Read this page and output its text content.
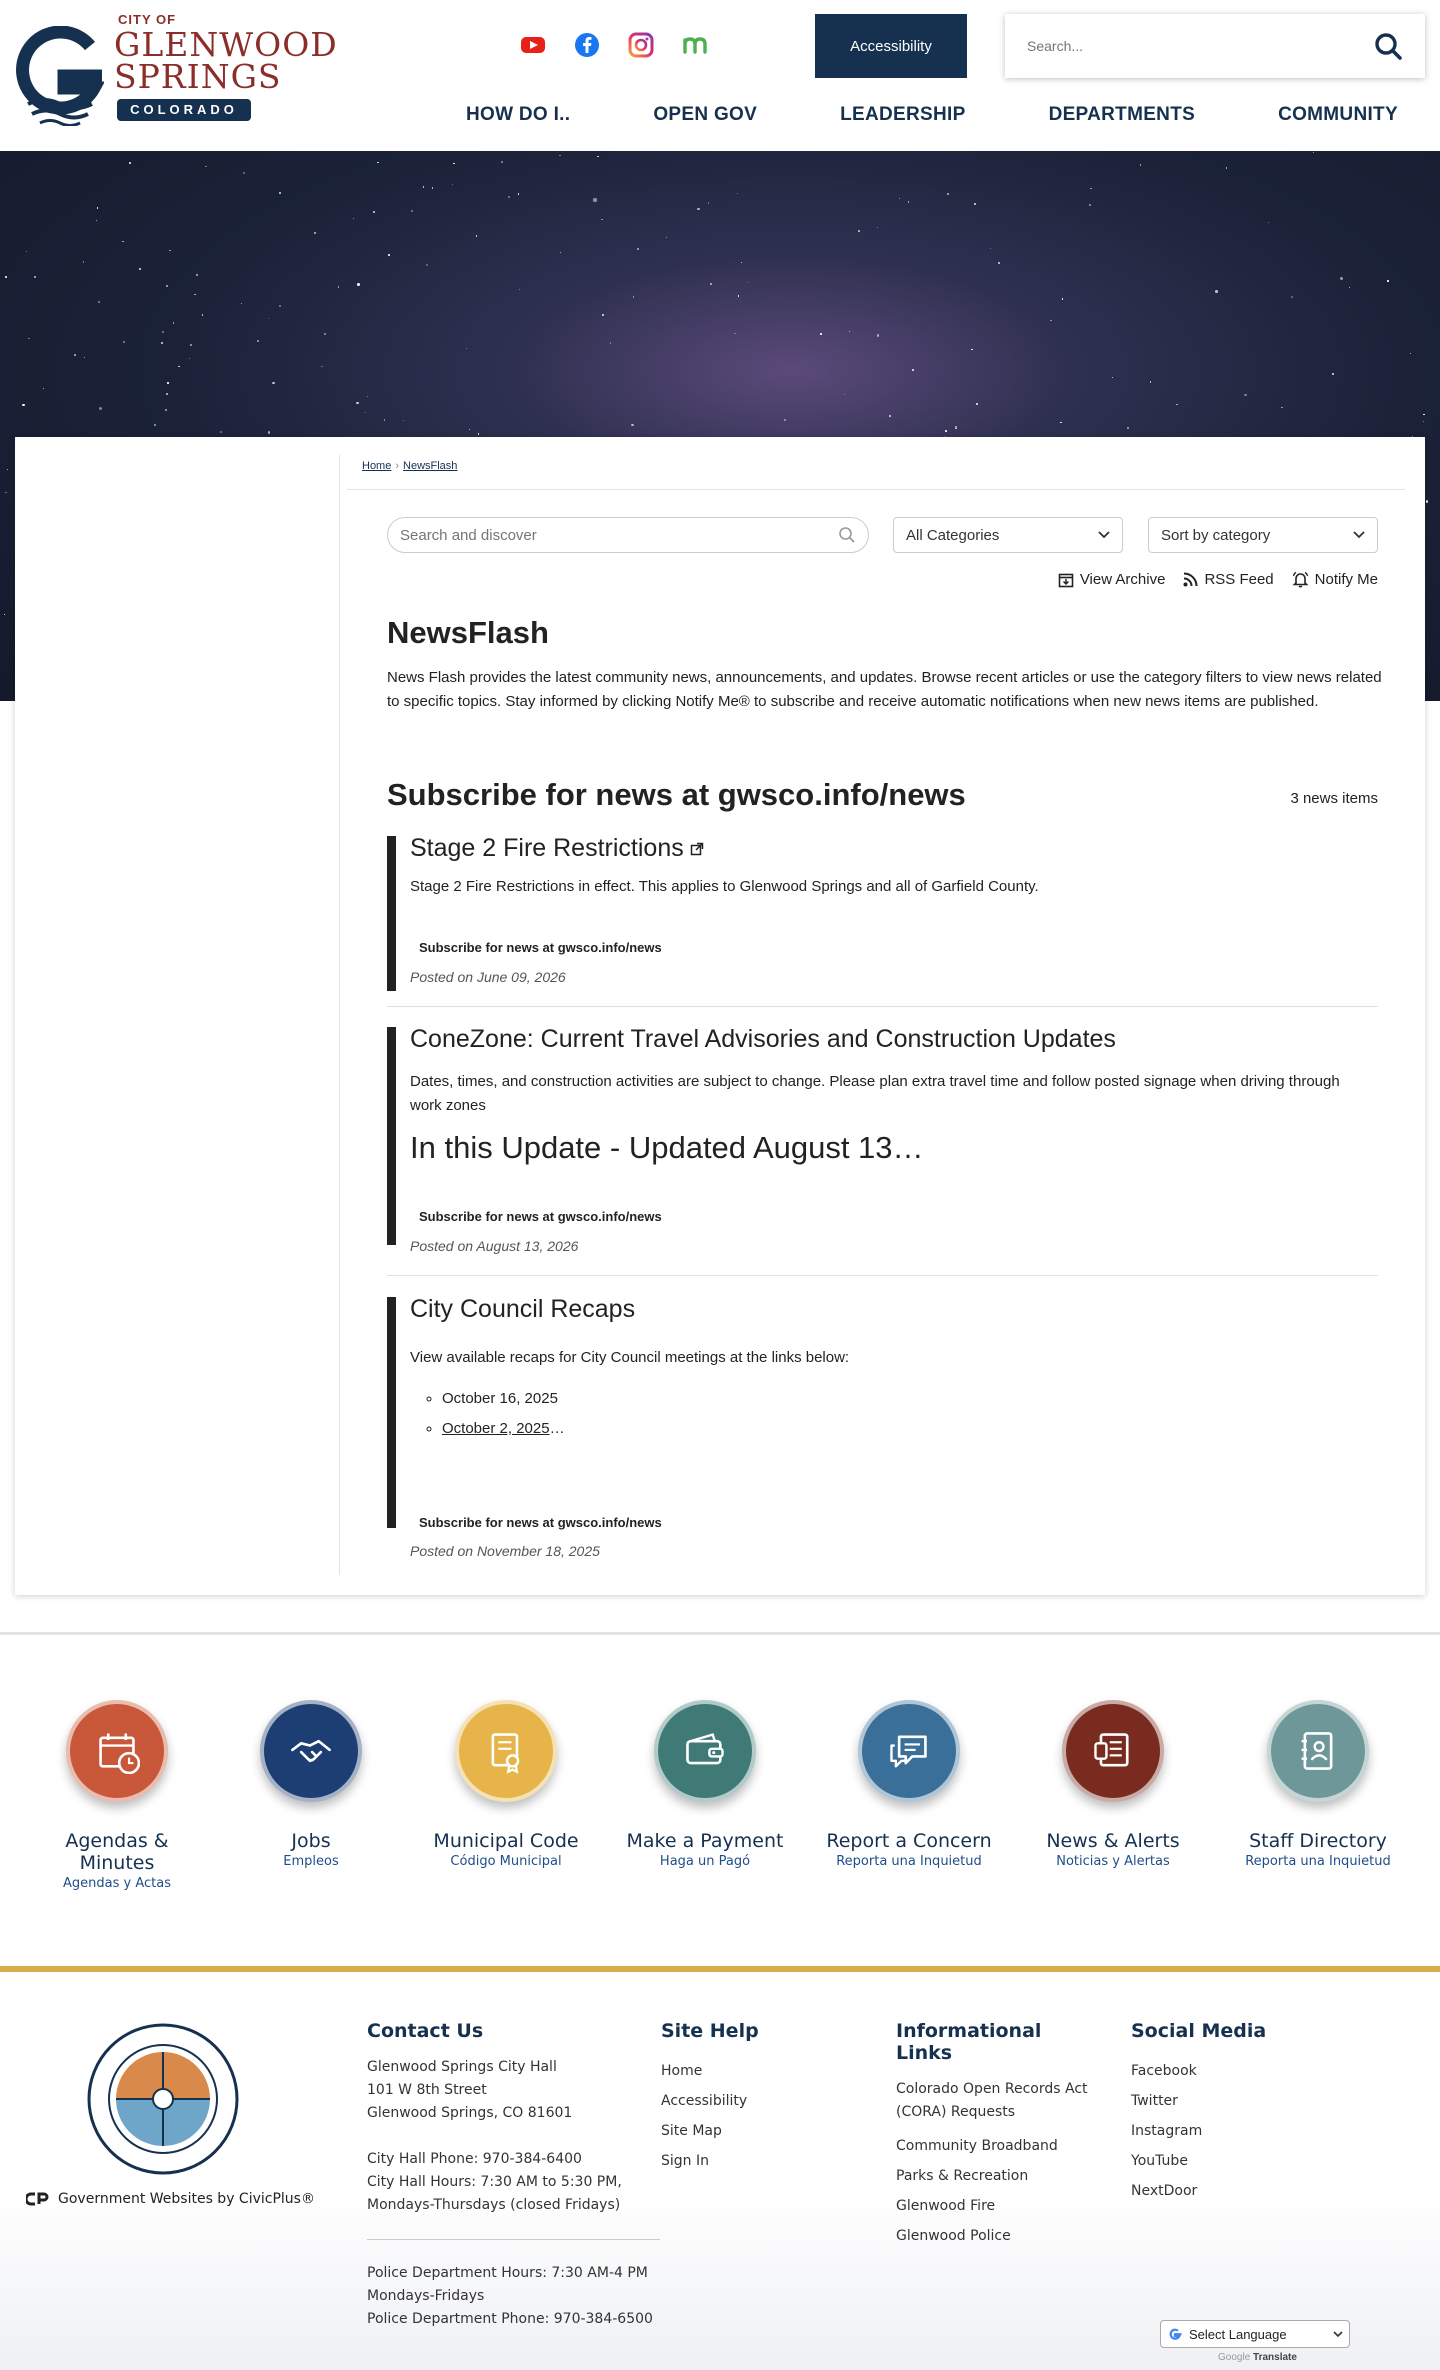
CITY OF
GLENWOOD
SPRINGS
COLORADO
Accessibility
Search...
HOW DO I..	OPEN GOV	LEADERSHIP	DEPARTMENTS	COMMUNITY
Home › NewsFlash
Search and discover
All Categories	Sort by category
View Archive	RSS Feed	Notify Me
NewsFlash

News Flash provides the latest community news, announcements, and updates. Browse recent articles or use the category filters to view news related to specific topics. Stay informed by clicking Notify Me® to subscribe and receive automatic notifications when new news items are published.

Subscribe for news at gwsco.info/news	3 news items
Stage 2 Fire Restrictions

Stage 2 Fire Restrictions in effect. This applies to Glenwood Springs and all of Garfield County.

Subscribe for news at gwsco.info/news
Posted on June 09, 2026
ConeZone: Current Travel Advisories and Construction Updates

Dates, times, and construction activities are subject to change. Please plan extra travel time and follow posted signage when driving through work zones

In this Update - Updated August 13…
Subscribe for news at gwsco.info/news
Posted on August 13, 2026
City Council Recaps

View available recaps for City Council meetings at the links below:

◦ October 16, 2025
◦ October 2, 2025…
Subscribe for news at gwsco.info/news
Posted on November 18, 2025
Agendas & Minutes
Agendas y Actas
Jobs
Empleos
Municipal Code
Código Municipal
Make a Payment
Haga un Pagó
Report a Concern
Reporta una Inquietud
News & Alerts
Noticias y Alertas
Staff Directory
Reporta una Inquietud
Government Websites by CivicPlus®
Contact Us
Glenwood Springs City Hall
101 W 8th Street
Glenwood Springs, CO 81601
City Hall Phone: 970-384-6400
City Hall Hours: 7:30 AM to 5:30 PM,
Mondays-Thursdays (closed Fridays)
Police Department Hours: 7:30 AM-4 PM
Mondays-Fridays
Police Department Phone: 970-384-6500
Site Help
Home
Accessibility
Site Map
Sign In
Informational Links
Colorado Open Records Act (CORA) Requests
Community Broadband
Parks & Recreation
Glenwood Fire
Glenwood Police
Social Media
Facebook
Twitter
Instagram
YouTube
NextDoor
Select Language
Google Translate
